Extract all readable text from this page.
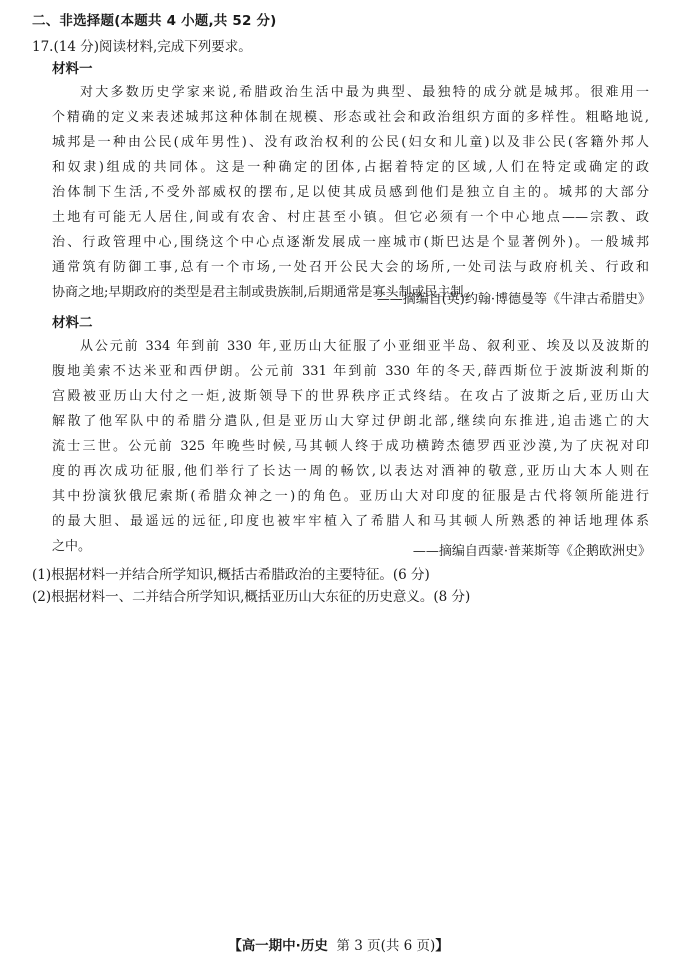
二、非选择题(本题共 4 小题,共 52 分)
17.(14 分)阅读材料,完成下列要求。
材料一
对大多数历史学家来说,希腊政治生活中最为典型、最独特的成分就是城邦。很难用一
个精确的定义来表述城邦这种体制在规模、形态或社会和政治组织方面的多样性。粗略地说,
城邦是一种由公民(成年男性)、没有政治权利的公民(妇女和儿童)以及非公民(客籍外邦人
和奴隶)组成的共同体。这是一种确定的团体,占据着特定的区域,人们在特定或确定的政
治体制下生活,不受外部威权的摆布,足以使其成员感到他们是独立自主的。城邦的大部分
土地有可能无人居住,间或有农舍、村庄甚至小镇。但它必须有一个中心地点——宗教、政
治、行政管理中心,围绕这个中心点逐渐发展成一座城市(斯巴达是个显著例外)。一般城邦
通常筑有防御工事,总有一个市场,一处召开公民大会的场所,一处司法与政府机关、行政和
协商之地;早期政府的类型是君主制或贵族制,后期通常是寡头制或民主制。
——摘编自(英)约翰·博德曼等《牛津古希腊史》
材料二
从公元前 334 年到前 330 年,亚历山大征服了小亚细亚半岛、叙利亚、埃及以及波斯的
腹地美索不达米亚和西伊朗。公元前 331 年到前 330 年的冬天,薛西斯位于波斯波利斯的
宫殿被亚历山大付之一炬,波斯领导下的世界秩序正式终结。在攻占了波斯之后,亚历山大
解散了他军队中的希腊分遣队,但是亚历山大穿过伊朗北部,继续向东推进,追击逃亡的大
流士三世。公元前 325 年晚些时候,马其顿人终于成功横跨杰德罗西亚沙漠,为了庆祝对印
度的再次成功征服,他们举行了长达一周的畅饮,以表达对酒神的敬意,亚历山大本人则在
其中扮演狄俄尼索斯(希腊众神之一)的角色。亚历山大对印度的征服是古代将领所能进行
的最大胆、最遥远的远征,印度也被牢牢植入了希腊人和马其顿人所熟悉的神话地理体系
之中。	——摘编自西蒙·普莱斯等《企鹅欧洲史》
(1)根据材料一并结合所学知识,概括古希腊政治的主要特征。(6 分)
(2)根据材料一、二并结合所学知识,概括亚历山大东征的历史意义。(8 分)
【高一期中·历史 第 3 页(共 6 页)】
